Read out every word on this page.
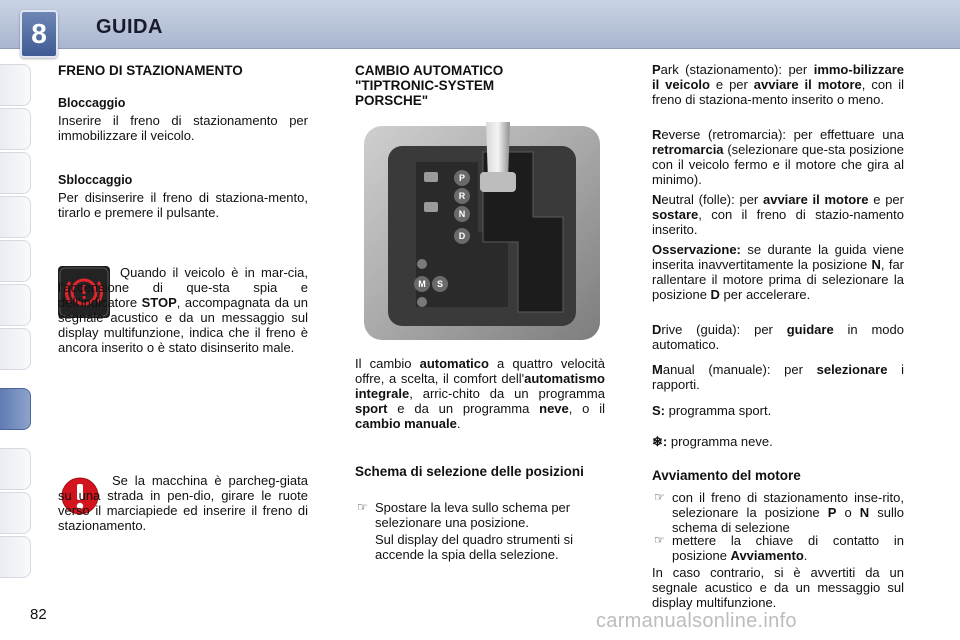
8	GUIDA
FRENO DI STAZIONAMENTO
Bloccaggio

Inserire il freno di stazionamento per immobilizzare il veicolo.

Sbloccaggio

Per disinserire il freno di staziona-mento, tirarlo e premere il pulsante.

Quando il veicolo è in mar-cia, l'accensione di que-sta spia e dell'indicatore STOP, accompagnata da un segnale acustico e da un messaggio sul display multifunzione, indica che il freno è ancora inserito o è stato disinserito male.

Se la macchina è parcheg-giata su una strada in pen-dio, girare le ruote verso il marciapiede ed inserire il freno di stazionamento.

CAMBIO AUTOMATICO
"TIPTRONIC-SYSTEM
PORSCHE"
P
R
N
D
M S

Il cambio automatico a quattro velocità offre, a scelta, il comfort dell'automatismo integrale, arric-chito da un programma sport e da un programma neve, o il cambio manuale.

Schema di selezione delle posizioni
☞ Spostare la leva sullo schema per selezionare una posizione.
Sul display del quadro strumenti si accende la spia della selezione.

Park (stazionamento): per immo-bilizzare il veicolo e per avviare il motore, con il freno di staziona-mento inserito o meno.

Reverse (retromarcia): per effettuare una retromarcia (selezionare que-sta posizione con il veicolo fermo e il motore che gira al minimo).

Neutral (folle): per avviare il motore e per sostare, con il freno di stazio-namento inserito.

Osservazione: se durante la guida viene inserita inavvertitamente la posizione N, far rallentare il motore prima di selezionare la posizione D per accelerare.

Drive (guida): per guidare in modo automatico.

Manual (manuale): per selezionare i rapporti.

S: programma sport.

❄: programma neve.

Avviamento del motore
☞ con il freno di stazionamento inse-rito, selezionare la posizione P o N sullo schema di selezione
☞ mettere la chiave di contatto in posizione Avviamento.

In caso contrario, si è avvertiti da un segnale acustico e da un messaggio sul display multifunzione.

82	carmanualsonline.info
